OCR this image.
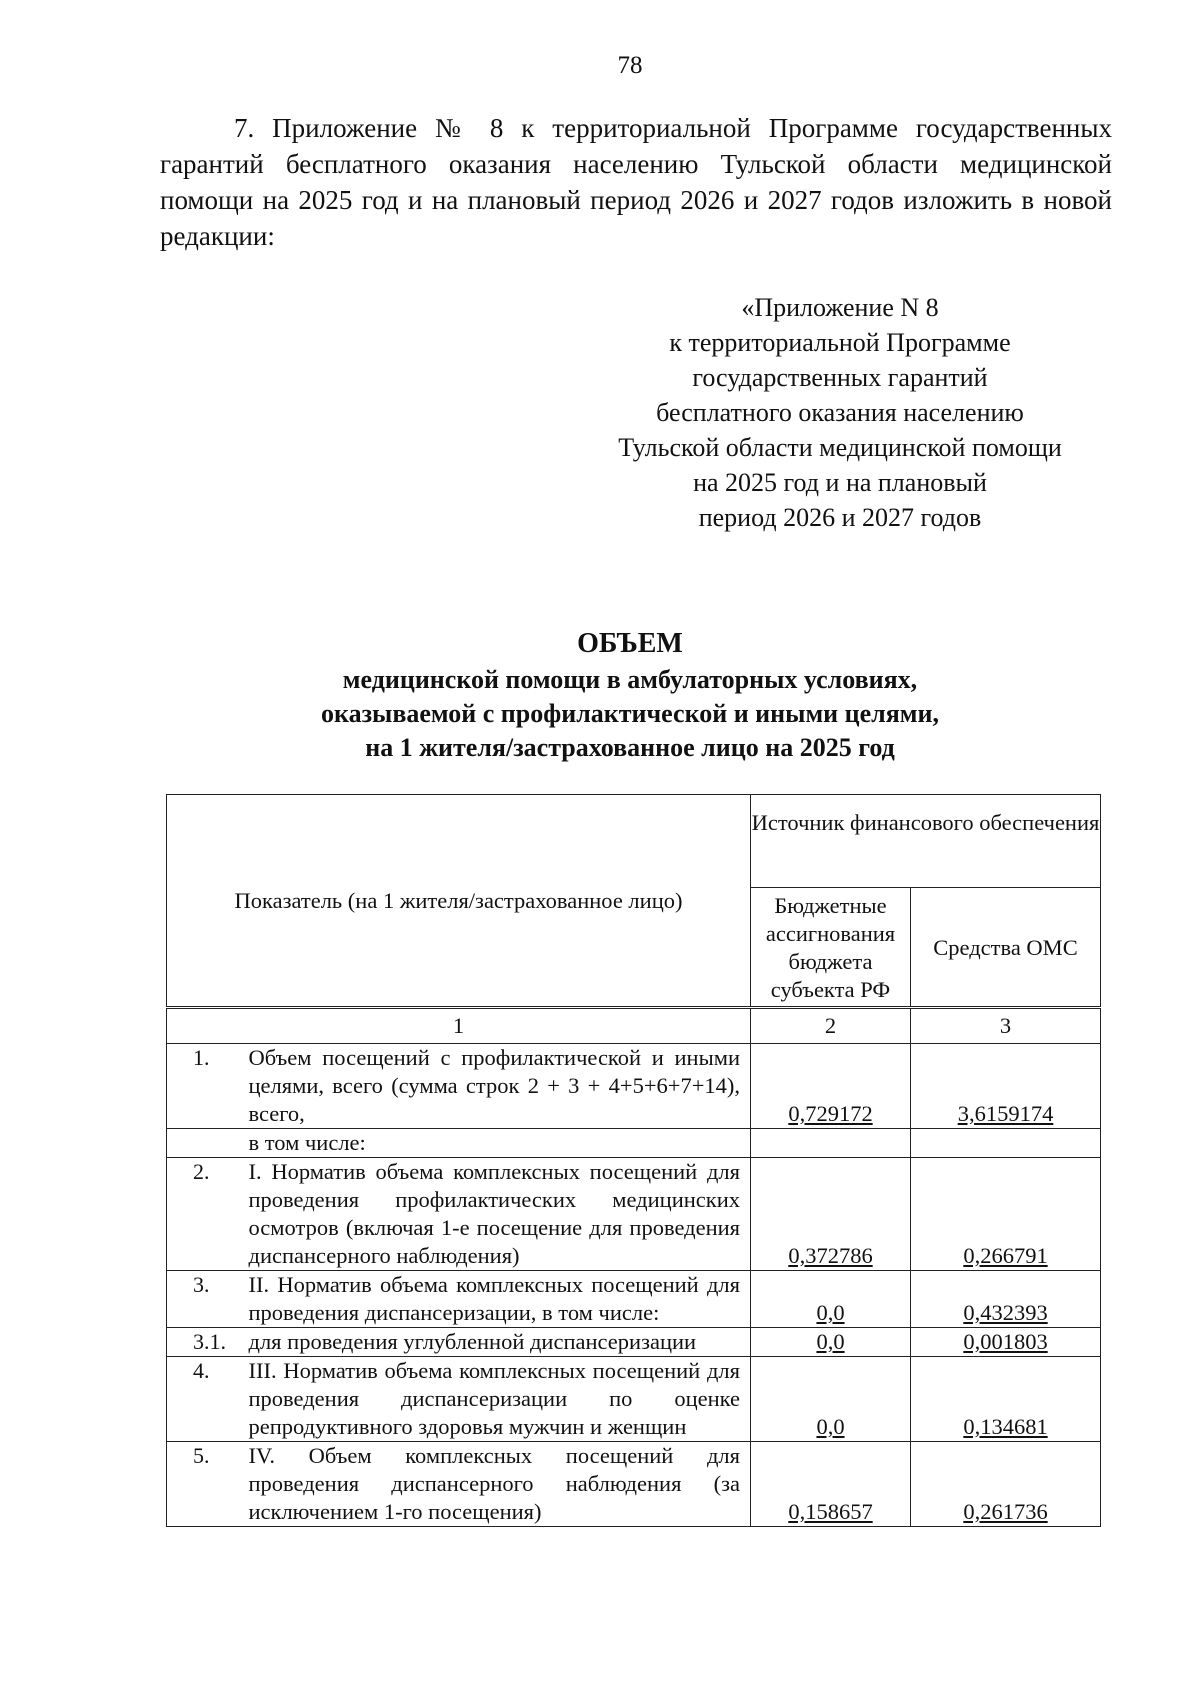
78

7. Приложение № 8 к территориальной Программе государственных гарантий бесплатного оказания населению Тульской области медицинской помощи на 2025 год и на плановый период 2026 и 2027 годов изложить в новой редакции:

«Приложение N 8
к территориальной Программе
государственных гарантий
бесплатного оказания населению
Тульской области медицинской помощи
на 2025 год и на плановый
период 2026 и 2027 годов
ОБЪЕМ
медицинской помощи в амбулаторных условиях,
оказываемой с профилактической и иными целями,
на 1 жителя/застрахованное лицо на 2025 год
Показатель (на 1 жителя/застрахованное лицо)		Источник финансового обеспечения	
		Бюджетные ассигнования бюджета субъекта РФ	Средства ОМС
1		2	3
1.	Объем посещений с профилактической и иными целями, всего (сумма строк 2 + 3 + 4+5+6+7+14), всего,	0,729172	3,6159174
	в том числе:		
2.	I. Норматив объема комплексных посещений для проведения профилактических медицинских осмотров (включая 1-е посещение для проведения диспансерного наблюдения)	0,372786	0,266791
3.	II. Норматив объема комплексных посещений для проведения диспансеризации, в том числе:	0,0	0,432393
3.1.	для проведения углубленной диспансеризации	0,0	0,001803
4.	III. Норматив объема комплексных посещений для проведения диспансеризации по оценке репродуктивного здоровья мужчин и женщин	0,0	0,134681
5.	IV. Объем комплексных посещений для проведения диспансерного наблюдения (за исключением 1-го посещения)	0,158657	0,261736
